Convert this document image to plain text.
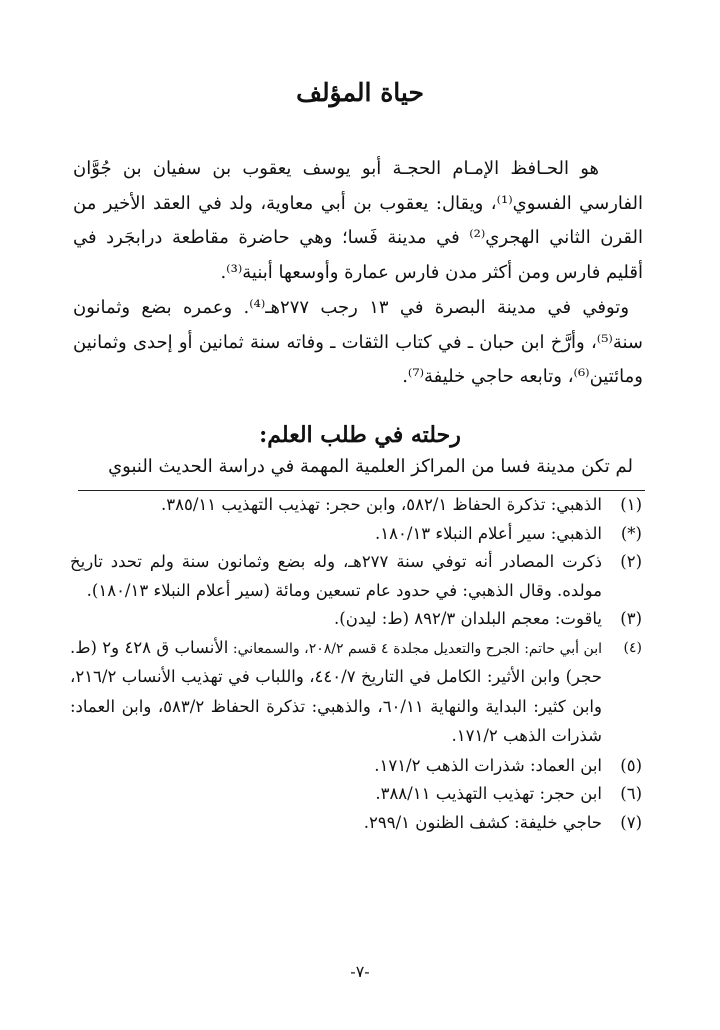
حياة المؤلف

هو الحـافظ الإمـام الحجـة أبو يوسف يعقوب بن سفيان بن جُوَّان الفارسي الفسوي⁽¹⁾، ويقال: يعقوب بن أبي معاوية، ولد في العقد الأخير من القرن الثاني الهجري⁽²⁾ في مدينة فَسا؛ وهي حاضرة مقاطعة درابجَرد في أقليم فارس ومن أكثر مدن فارس عمارة وأوسعها أبنية⁽³⁾.

وتوفي في مدينة البصرة في ١٣ رجب ٢٧٧هـ⁽⁴⁾. وعمره بضع وثمانون سنة⁽⁵⁾، وأرَّخ ابن حبان ـ في كتاب الثقات ـ وفاته سنة ثمانين أو إحدى وثمانين ومائتين⁽⁶⁾، وتابعه حاجي خليفة⁽⁷⁾.

رحلته في طلب العلم:

لم تكن مدينة فسا من المراكز العلمية المهمة في دراسة الحديث النبوي

(١)
الذهبي: تذكرة الحفاظ ٥٨٢/١، وابن حجر: تهذيب التهذيب ٣٨٥/١١.

(*)
الذهبي: سير أعلام النبلاء ١٨٠/١٣.

(٢)
ذكرت المصادر أنه توفي سنة ٢٧٧هـ، وله بضع وثمانون سنة ولم تحدد تاريخ مولده. وقال الذهبي: في حدود عام تسعين ومائة (سير أعلام النبلاء ١٨٠/١٣).

(٣)
ياقوت: معجم البلدان ٨٩٢/٣ (ط: ليدن).

(٤)
ابن أبي حاتم: الجرح والتعديل مجلدة ٤ قسم ٢٠٨/٢، والسمعاني: الأنساب ق ٤٢٨ و٢ (ط. حجر) وابن الأثير: الكامل في التاريخ ٤٤٠/٧، واللباب في تهذيب الأنساب ٢١٦/٢، وابن كثير: البداية والنهاية ٦٠/١١، والذهبي: تذكرة الحفاظ ٥٨٣/٢، وابن العماد: شذرات الذهب ١٧١/٢.

(٥)
ابن العماد: شذرات الذهب ١٧١/٢.

(٦)
ابن حجر: تهذيب التهذيب ٣٨٨/١١.

(٧)
حاجي خليفة: كشف الظنون ٢٩٩/١.

-٧-
